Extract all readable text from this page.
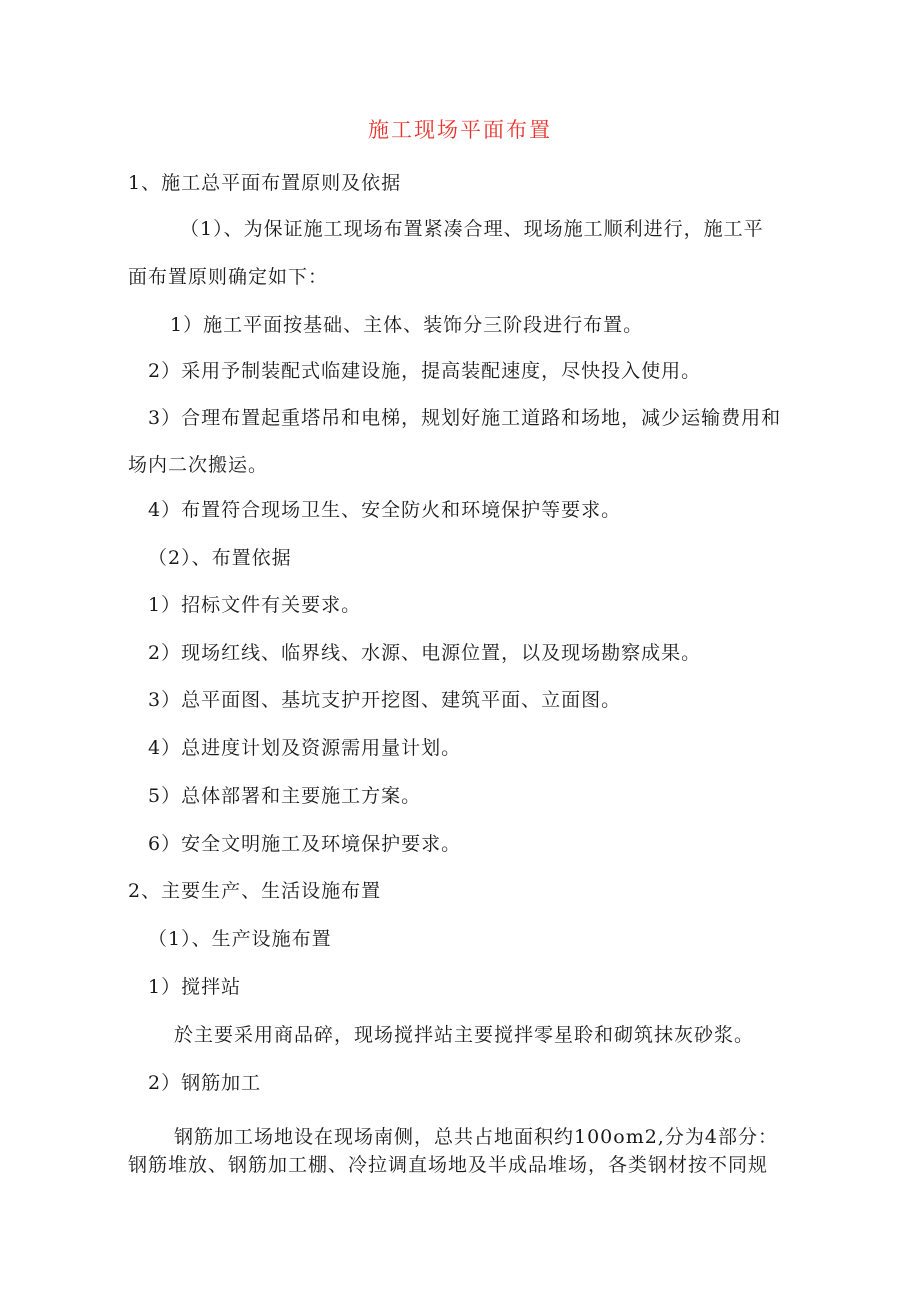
施工现场平面布置
1、施工总平面布置原则及依据
（1）、为保证施工现场布置紧凑合理、现场施工顺利进行，施工平
面布置原则确定如下：
1）施工平面按基础、主体、装饰分三阶段进行布置。
2）采用予制装配式临建设施，提高装配速度，尽快投入使用。
3）合理布置起重塔吊和电梯，规划好施工道路和场地，减少运输费用和
场内二次搬运。
4）布置符合现场卫生、安全防火和环境保护等要求。
（2）、布置依据
1）招标文件有关要求。
2）现场红线、临界线、水源、电源位置，以及现场勘察成果。
3）总平面图、基坑支护开挖图、建筑平面、立面图。
4）总进度计划及资源需用量计划。
5）总体部署和主要施工方案。
6）安全文明施工及环境保护要求。
2、主要生产、生活设施布置
（1）、生产设施布置
1）搅拌站
於主要采用商品碎，现场搅拌站主要搅拌零星聆和砌筑抹灰砂浆。
2）钢筋加工
钢筋加工场地设在现场南侧，总共占地面积约100om2,分为4部分：
钢筋堆放、钢筋加工棚、冷拉调直场地及半成品堆场，各类钢材按不同规
